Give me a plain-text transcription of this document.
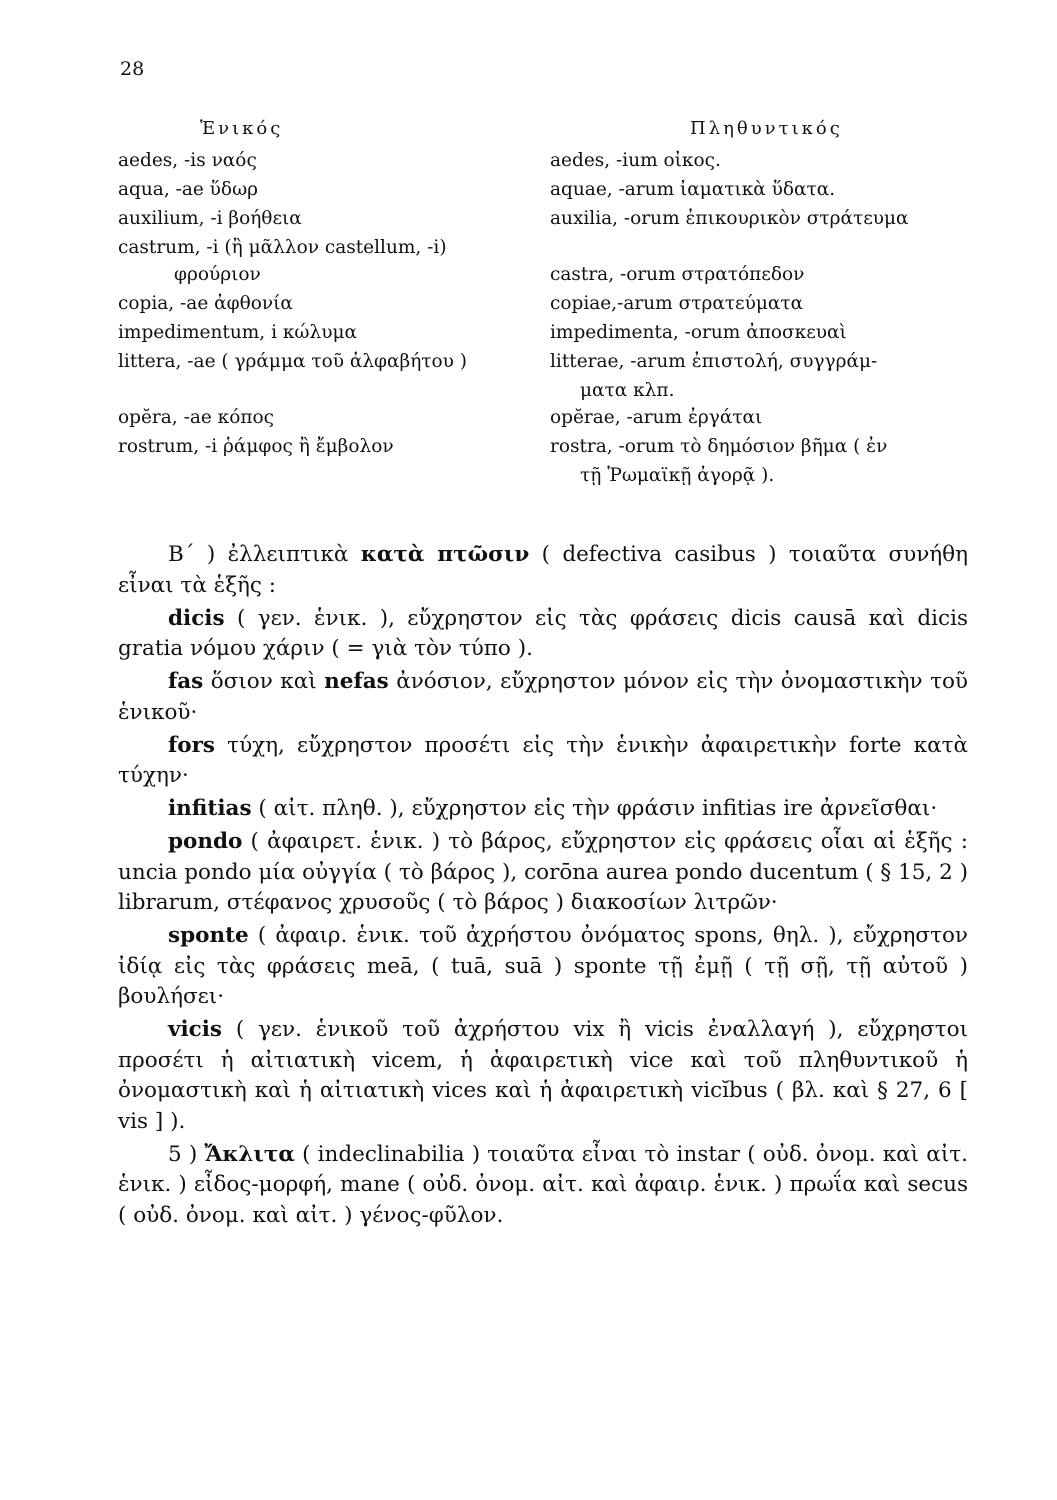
28
Ἑνικός	Πληθυντικός
aedes, -is ναός	aedes, -ium οἶκος.
aqua, -ae ὕδωρ	aquae, -arum ἰαματικὰ ὕδατα.
auxilium, -i βοήθεια	auxilia, -orum ἐπικουρικὸν στράτευμα
castrum, -i (ἢ μᾶλλον castellum, -i)
φρούριον	castra, -orum στρατόπεδον
copia, -ae ἀφθονία	copiae,-arum στρατεύματα
impedimentum, i κώλυμα	impedimenta, -orum ἀποσκευαὶ
littera, -ae ( γράμμα τοῦ ἀλφαβήτου )	litterae, -arum ἐπιστολή, συγγράμ-
ματα κλπ.
opĕra, -ae κόπος	opĕrae, -arum ἐργάται
rostrum, -i ῥάμφος ἢ ἔμβολον	rostra, -orum τὸ δημόσιον βῆμα ( ἐν
τῇ Ῥωμαϊκῇ ἀγορᾷ ).

Β΄ ) ἐλλειπτικὰ κατὰ πτῶσιν ( defectiva casibus ) τοιαῦτα συνήθη εἶναι τὰ ἑξῆς :

dicis ( γεν. ἑνικ. ), εὔχρηστον εἰς τὰς φράσεις dicis causā καὶ dicis gratia νόμου χάριν ( = γιὰ τὸν τύπο ).

fas ὅσιον καὶ nefas ἀνόσιον, εὔχρηστον μόνον εἰς τὴν ὀνομαστικὴν τοῦ ἑνικοῦ·

fors τύχη, εὔχρηστον προσέτι εἰς τὴν ἑνικὴν ἀφαιρετικὴν forte κατὰ τύχην·

infitias ( αἰτ. πληθ. ), εὔχρηστον εἰς τὴν φράσιν infitias ire ἀρνεῖσθαι·

pondo ( ἀφαιρετ. ἑνικ. ) τὸ βάρος, εὔχρηστον εἰς φράσεις οἷαι αἱ ἑξῆς : uncia pondo μία οὐγγία ( τὸ βάρος ), corōna aurea pondo ducentum ( § 15, 2 ) librarum, στέφανος χρυσοῦς ( τὸ βάρος ) διακοσίων λιτρῶν·

sponte ( ἀφαιρ. ἑνικ. τοῦ ἀχρήστου ὀνόματος spons, θηλ. ), εὔχρηστον ἰδίᾳ εἰς τὰς φράσεις meā, ( tuā, suā ) sponte τῇ ἐμῇ ( τῇ σῇ, τῇ αὐτοῦ ) βουλήσει·

vicis ( γεν. ἑνικοῦ τοῦ ἀχρήστου vix ἢ vicis ἐναλλαγή ), εὔχρηστοι προσέτι ἡ αἰτιατικὴ vicem, ἡ ἀφαιρετικὴ vice καὶ τοῦ πληθυντικοῦ ἡ ὀνομαστικὴ καὶ ἡ αἰτιατικὴ vices καὶ ἡ ἀφαιρετικὴ vicĭbus ( βλ. καὶ § 27, 6 [ vis ] ).

5 ) Ἄκλιτα ( indeclinabilia ) τοιαῦτα εἶναι τὸ instar ( οὐδ. ὀνομ. καὶ αἰτ. ἑνικ. ) εἶδος-μορφή, mane ( οὐδ. ὀνομ. αἰτ. καὶ ἀφαιρ. ἑνικ. ) πρωΐα καὶ secus ( οὐδ. ὀνομ. καὶ αἰτ. ) γένος-φῦλον.
